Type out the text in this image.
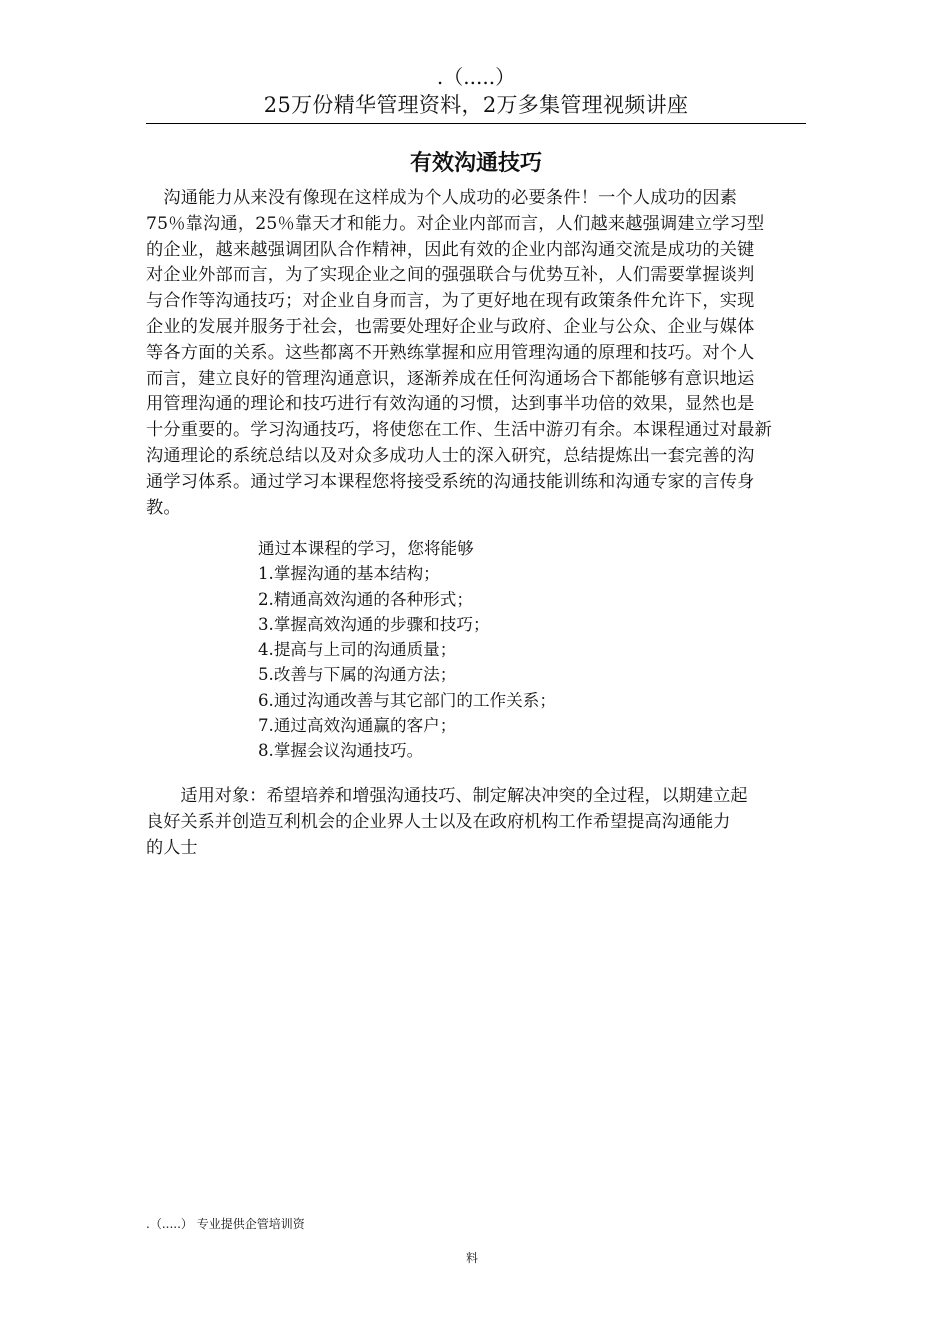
.（.....）
25万份精华管理资料，2万多集管理视频讲座
有效沟通技巧
　沟通能力从来没有像现在这样成为个人成功的必要条件！一个人成功的因素
75％靠沟通，25％靠天才和能力。对企业内部而言，人们越来越强调建立学习型
的企业，越来越强调团队合作精神，因此有效的企业内部沟通交流是成功的关键
对企业外部而言，为了实现企业之间的强强联合与优势互补，人们需要掌握谈判
与合作等沟通技巧；对企业自身而言，为了更好地在现有政策条件允许下，实现
企业的发展并服务于社会，也需要处理好企业与政府、企业与公众、企业与媒体
等各方面的关系。这些都离不开熟练掌握和应用管理沟通的原理和技巧。对个人
而言，建立良好的管理沟通意识，逐渐养成在任何沟通场合下都能够有意识地运
用管理沟通的理论和技巧进行有效沟通的习惯，达到事半功倍的效果，显然也是
十分重要的。学习沟通技巧，将使您在工作、生活中游刃有余。本课程通过对最新
沟通理论的系统总结以及对众多成功人士的深入研究，总结提炼出一套完善的沟
通学习体系。通过学习本课程您将接受系统的沟通技能训练和沟通专家的言传身
教。
通过本课程的学习，您将能够
1.掌握沟通的基本结构；
2.精通高效沟通的各种形式；
3.掌握高效沟通的步骤和技巧；
4.提高与上司的沟通质量；
5.改善与下属的沟通方法；
6.通过沟通改善与其它部门的工作关系；
7.通过高效沟通赢的客户；
8.掌握会议沟通技巧。
　　适用对象：希望培养和增强沟通技巧、制定解决冲突的全过程，以期建立起
良好关系并创造互利机会的企业界人士以及在政府机构工作希望提高沟通能力
的人士
.（.....） 专业提供企管培训资
料
